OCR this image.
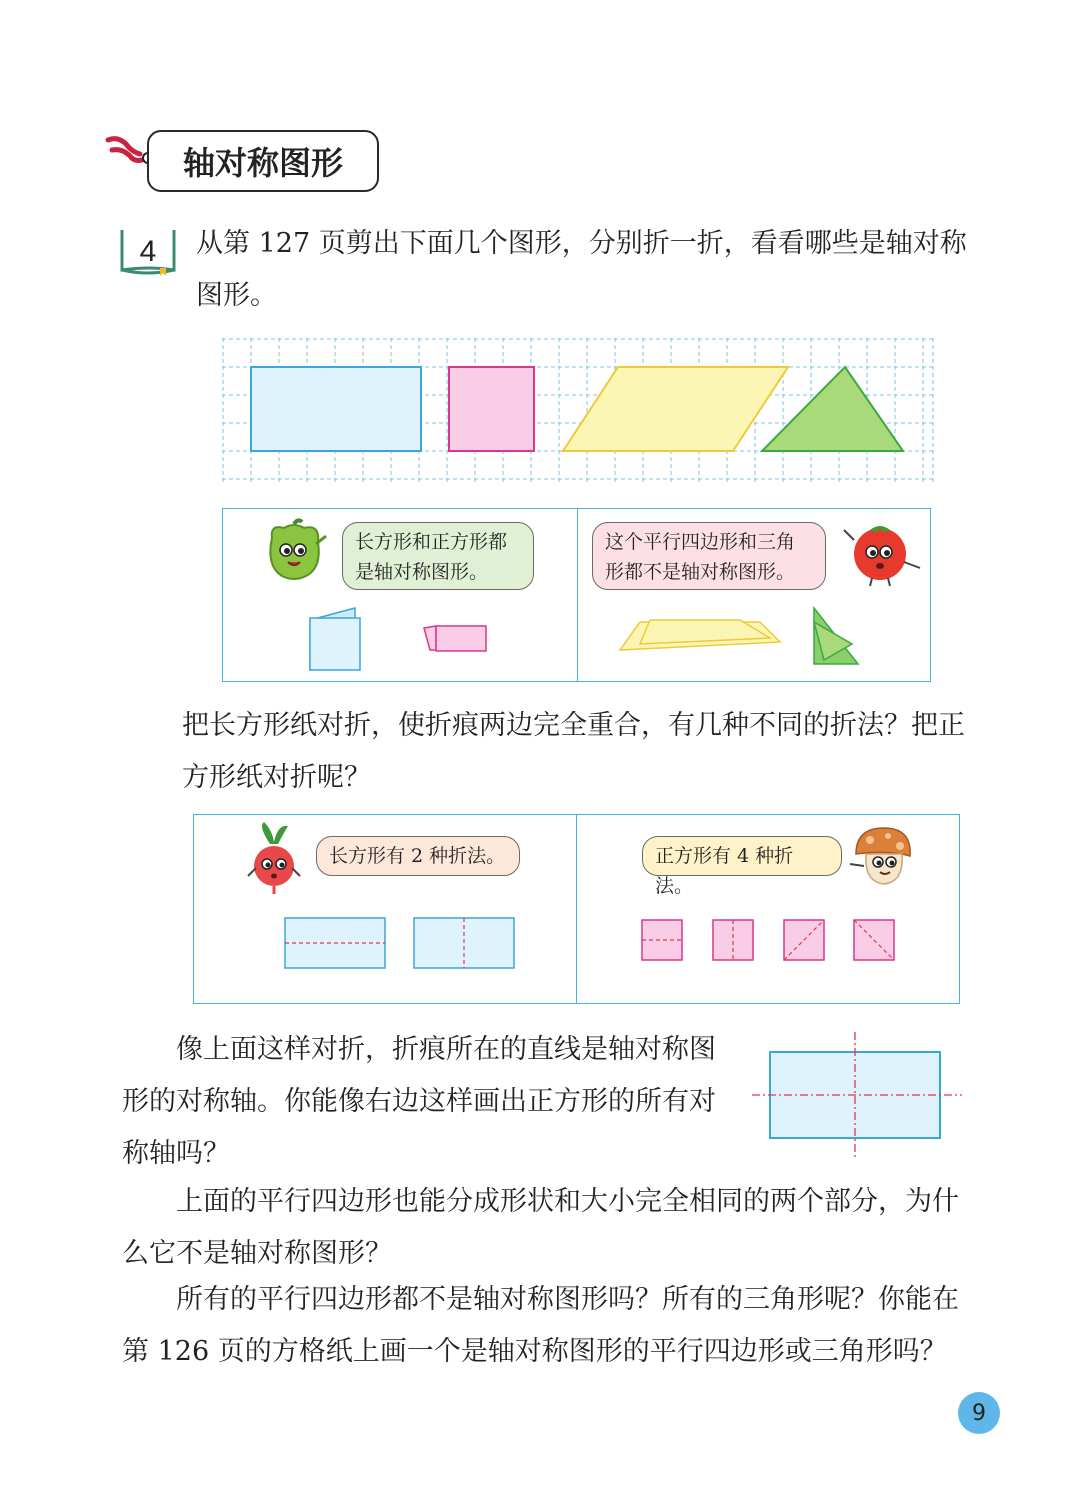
轴对称图形
4 从第 127 页剪出下面几个图形，分别折一折，看看哪些是轴对称
图形。
长方形和正方形都
是轴对称图形。
这个平行四边形和三角
形都不是轴对称图形。
把长方形纸对折，使折痕两边完全重合，有几种不同的折法？把正
方形纸对折呢？
长方形有 2 种折法。	正方形有 4 种折法。
像上面这样对折，折痕所在的直线是轴对称图
形的对称轴。你能像右边这样画出正方形的所有对
称轴吗？
上面的平行四边形也能分成形状和大小完全相同的两个部分，为什
么它不是轴对称图形？
所有的平行四边形都不是轴对称图形吗？所有的三角形呢？你能在
第 126 页的方格纸上画一个是轴对称图形的平行四边形或三角形吗？
9
